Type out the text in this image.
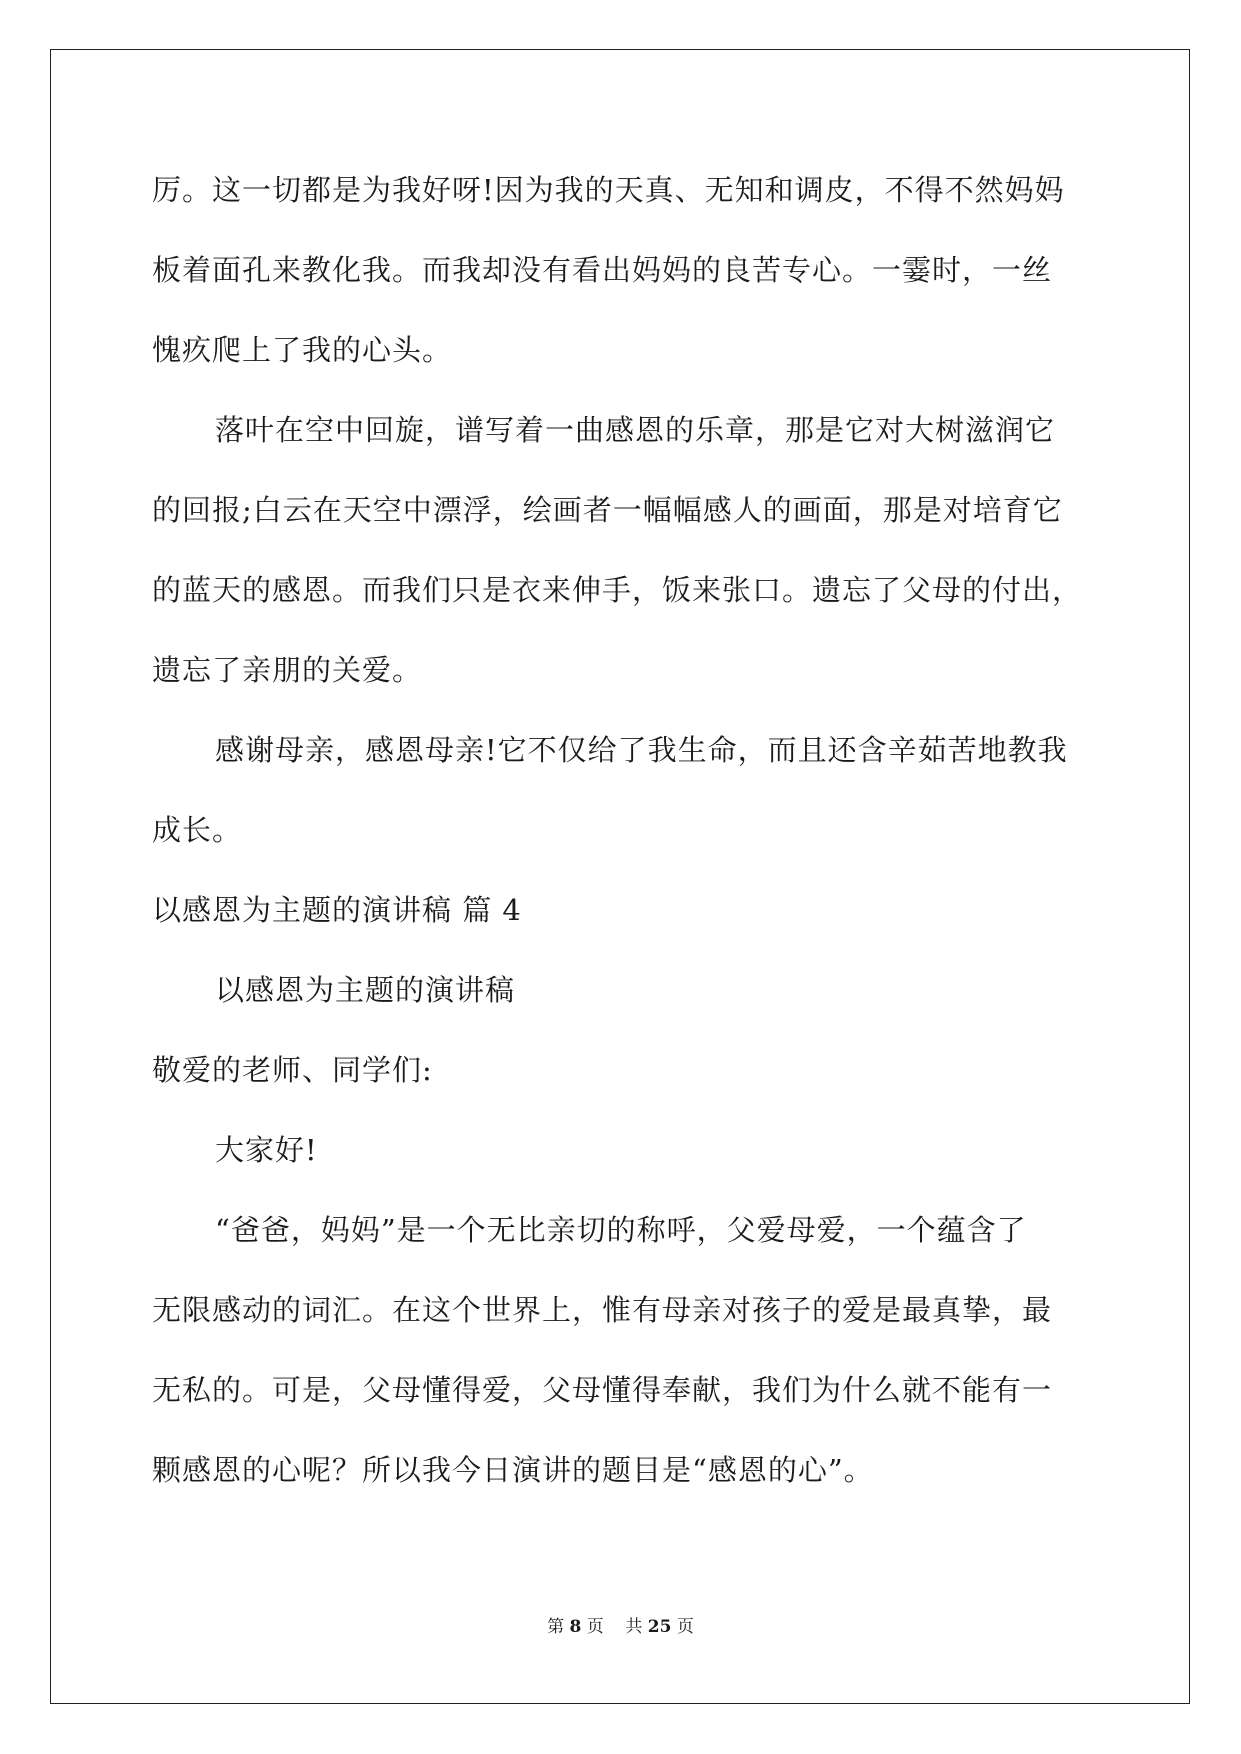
厉。这一切都是为我好呀!因为我的天真、无知和调皮，不得不然妈妈

板着面孔来教化我。而我却没有看出妈妈的良苦专心。一霎时，一丝

愧疚爬上了我的心头。

落叶在空中回旋，谱写着一曲感恩的乐章，那是它对大树滋润它

的回报;白云在天空中漂浮，绘画者一幅幅感人的画面，那是对培育它

的蓝天的感恩。而我们只是衣来伸手，饭来张口。遗忘了父母的付出，

遗忘了亲朋的关爱。

感谢母亲，感恩母亲!它不仅给了我生命，而且还含辛茹苦地教我

成长。

以感恩为主题的演讲稿 篇 4

以感恩为主题的演讲稿

敬爱的老师、同学们:

大家好!

“爸爸，妈妈”是一个无比亲切的称呼，父爱母爱，一个蕴含了

无限感动的词汇。在这个世界上，惟有母亲对孩子的爱是最真挚，最

无私的。可是，父母懂得爱，父母懂得奉献，我们为什么就不能有一

颗感恩的心呢？所以我今日演讲的题目是“感恩的心”。

第 8 页 共 25 页
